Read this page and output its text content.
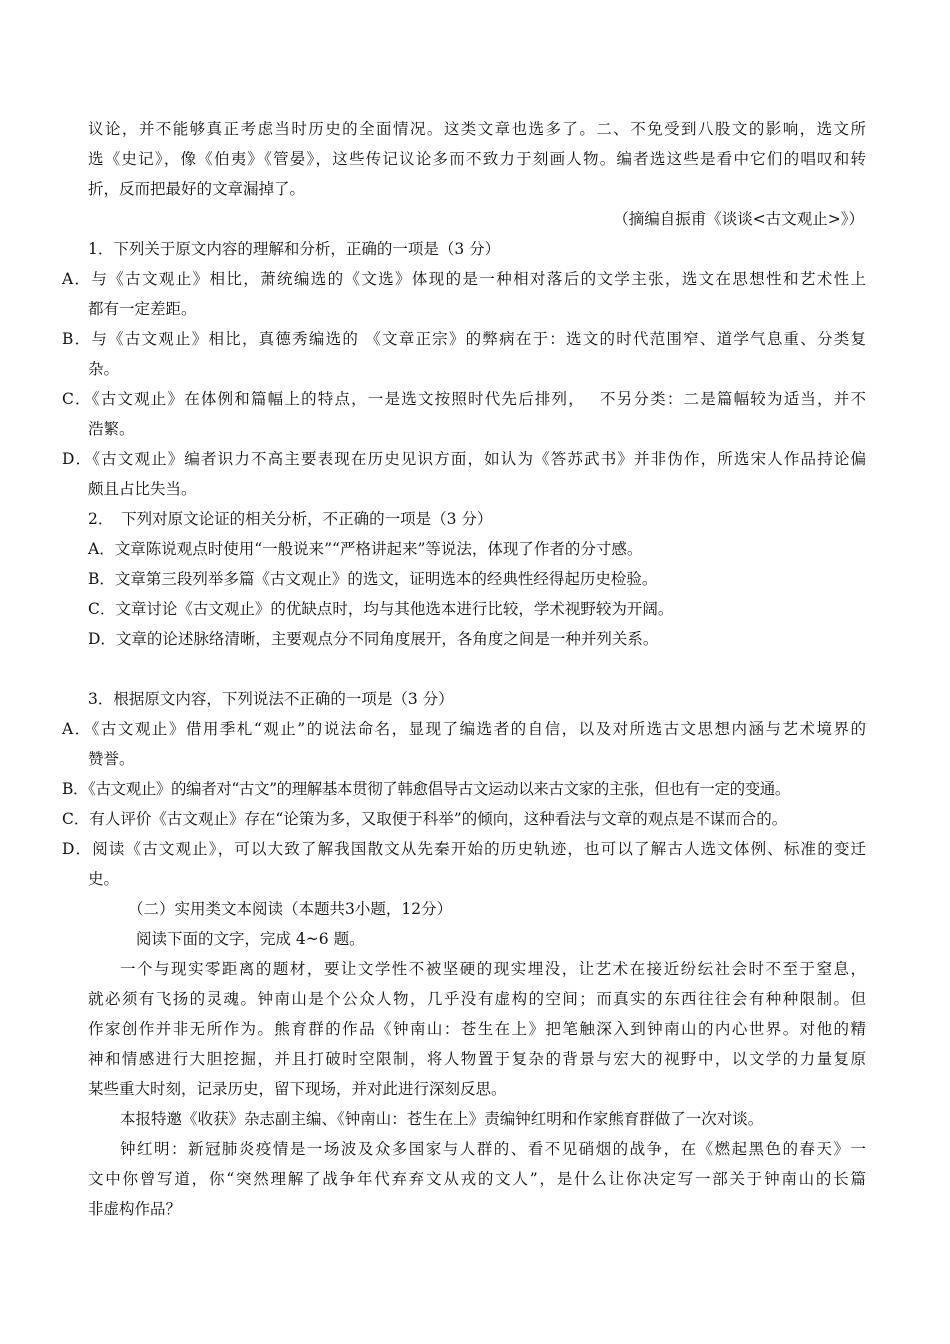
议论，并不能够真正考虑当时历史的全面情况。这类文章也选多了。二、不免受到八股文的影响，选文所
选《史记》，像《伯夷》《管晏》，这些传记议论多而不致力于刻画人物。编者选这些是看中它们的唱叹和转
折，反而把最好的文章漏掉了。
（摘编自振甫《谈谈<古文观止>》）
1．下列关于原文内容的理解和分析，正确的一项是（3 分）
A．与《古文观止》相比，萧统编选的《文选》体现的是一种相对落后的文学主张，选文在思想性和艺术性上
都有一定差距。
B．与《古文观止》相比，真德秀编选的 《文章正宗》的弊病在于：选文的时代范围窄、道学气息重、分类复
杂。
C．《古文观止》在体例和篇幅上的特点，一是选文按照时代先后排列，　 不另分类：二是篇幅较为适当，并不
浩繁。
D．《古文观止》编者识力不高主要表现在历史见识方面，如认为《答苏武书》并非伪作，所选宋人作品持论偏
颇且占比失当。
2．　下列对原文论证的相关分析，不正确的一项是（3 分）
A．文章陈说观点时使用“一般说来”“严格讲起来”等说法，体现了作者的分寸感。
B．文章第三段列举多篇《古文观止》的选文，证明选本的经典性经得起历史检验。
C．文章讨论《古文观止》的优缺点时，均与其他选本进行比较，学术视野较为开阔。
D．文章的论述脉络清晰，主要观点分不同角度展开，各角度之间是一种并列关系。
3．根据原文内容，下列说法不正确的一项是（3 分）
A．《古文观止》借用季札“观止”的说法命名，显现了编选者的自信，以及对所选古文思想内涵与艺术境界的
赞誉。
B．《古文观止》的编者对“古文”的理解基本贯彻了韩愈倡导古文运动以来古文家的主张，但也有一定的变通。
C．有人评价《古文观止》存在“论策为多，又取便于科举”的倾向，这种看法与文章的观点是不谋而合的。
D．阅读《古文观止》，可以大致了解我国散文从先秦开始的历史轨迹，也可以了解古人选文体例、标准的变迁
史。
（二）实用类文本阅读（本题共3小题，12分）
阅读下面的文字，完成 4~6 题。
一个与现实零距离的题材，要让文学性不被坚硬的现实埋没，让艺术在接近纷纭社会时不至于窒息，
就必须有飞扬的灵魂。钟南山是个公众人物，几乎没有虚构的空间；而真实的东西往往会有种种限制。但
作家创作并非无所作为。熊育群的作品《钟南山：苍生在上》把笔触深入到钟南山的内心世界。对他的精
神和情感进行大胆挖掘，并且打破时空限制，将人物置于复杂的背景与宏大的视野中，以文学的力量复原
某些重大时刻，记录历史，留下现场，并对此进行深刻反思。
本报特邀《收获》杂志副主编、《钟南山：苍生在上》责编钟红明和作家熊育群做了一次对谈。
钟红明：新冠肺炎疫情是一场波及众多国家与人群的、看不见硝烟的战争，在《燃起黑色的春天》一
文中你曾写道，你“突然理解了战争年代弃弃文从戎的文人”，是什么让你决定写一部关于钟南山的长篇
非虚构作品？
